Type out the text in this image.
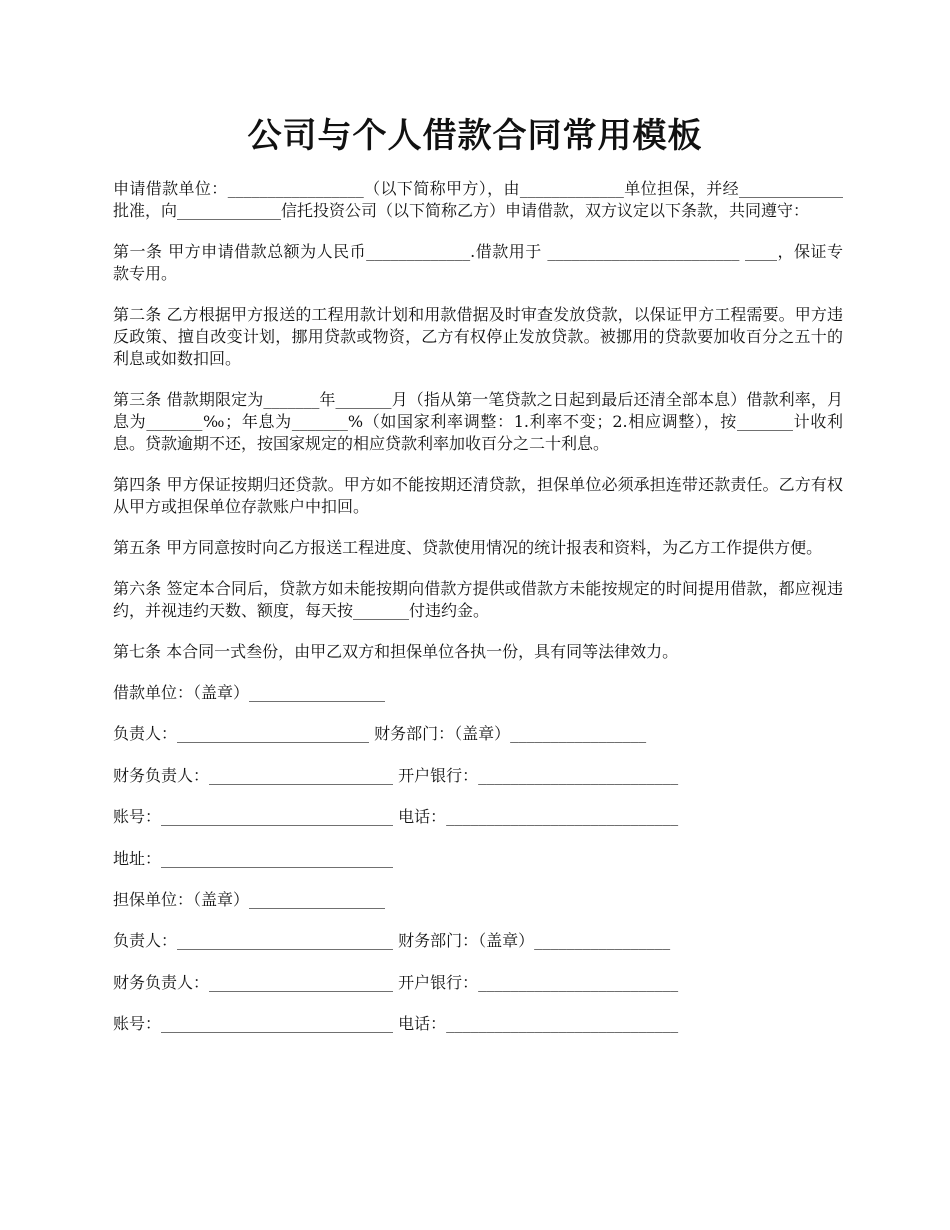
公司与个人借款合同常用模板

申请借款单位：_________________（以下简称甲方），由_____________单位担保，并经_____________批准，向_____________信托投资公司（以下简称乙方）申请借款，双方议定以下条款，共同遵守：

第一条 甲方申请借款总额为人民币_____________.借款用于 ________________________ ____，保证专款专用。

第二条 乙方根据甲方报送的工程用款计划和用款借据及时审查发放贷款，以保证甲方工程需要。甲方违反政策、擅自改变计划，挪用贷款或物资，乙方有权停止发放贷款。被挪用的贷款要加收百分之五十的利息或如数扣回。

第三条 借款期限定为_______年_______月（指从第一笔贷款之日起到最后还清全部本息）借款利率，月息为_______‰；年息为_______%（如国家利率调整：1.利率不变；2.相应调整），按_______计收利息。贷款逾期不还，按国家规定的相应贷款利率加收百分之二十利息。

第四条 甲方保证按期归还贷款。甲方如不能按期还清贷款，担保单位必须承担连带还款责任。乙方有权从甲方或担保单位存款账户中扣回。

第五条 甲方同意按时向乙方报送工程进度、贷款使用情况的统计报表和资料，为乙方工作提供方便。

第六条 签定本合同后，贷款方如未能按期向借款方提供或借款方未能按规定的时间提用借款，都应视违约，并视违约天数、额度，每天按_______付违约金。

第七条 本合同一式叁份，由甲乙双方和担保单位各执一份，具有同等法律效力。

借款单位：（盖章）_________________
负责人：________________________ 财务部门：（盖章）_________________
财务负责人：_______________________ 开户银行：_________________________
账号：_____________________________ 电话：_____________________________
地址：_____________________________
担保单位：（盖章）_________________
负责人：___________________________ 财务部门：（盖章）_________________
财务负责人：_______________________ 开户银行：_________________________
账号：_____________________________ 电话：_____________________________
